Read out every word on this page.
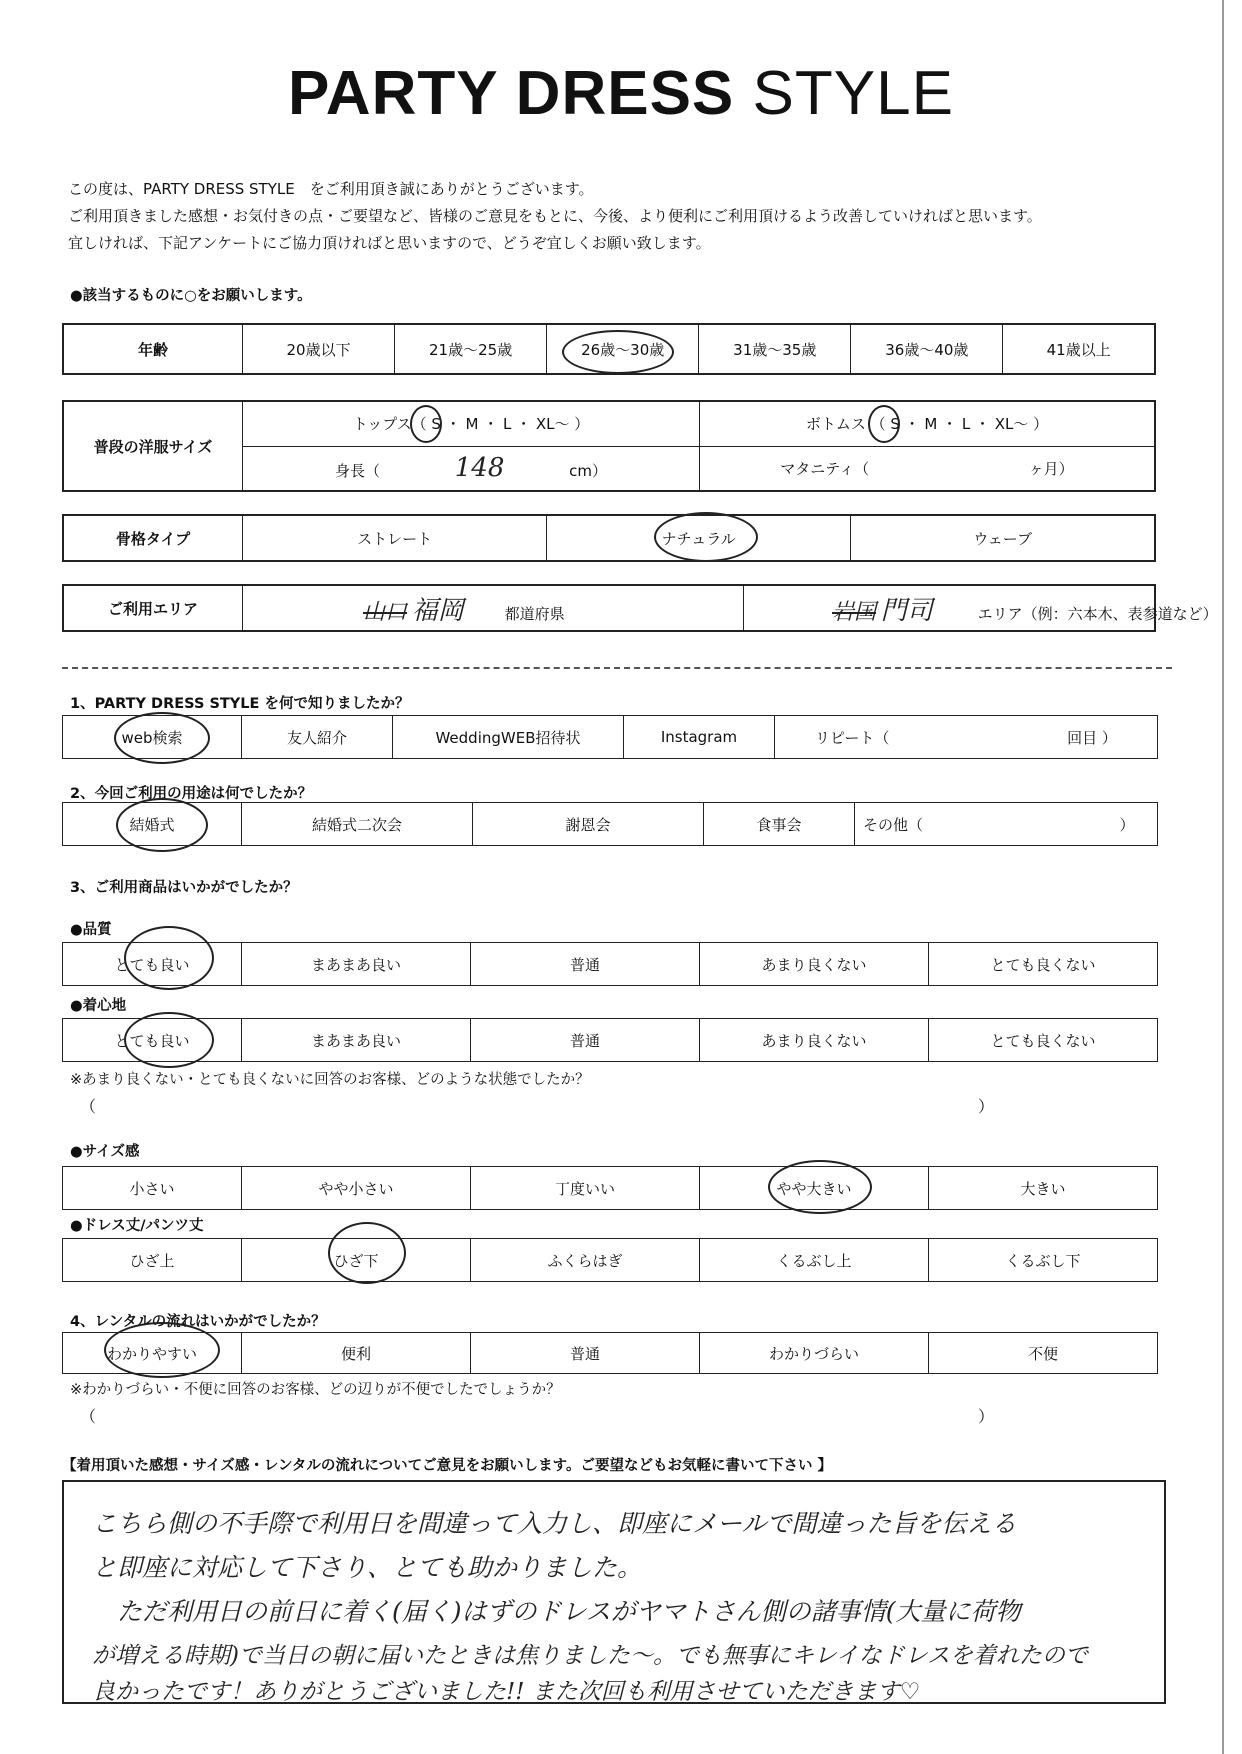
PARTY DRESS STYLE
この度は、PARTY DRESS STYLE　をご利用頂き誠にありがとうございます。
ご利用頂きました感想・お気付きの点・ご要望など、皆様のご意見をもとに、今後、より便利にご利用頂けるよう改善していければと思います。
宜しければ、下記アンケートにご協力頂ければと思いますので、どうぞ宜しくお願い致します。
●該当するものに○をお願いします。
年齢	20歳以下	21歳～25歳	26歳～30歳	31歳～35歳	36歳～40歳	41歳以上
普段の洋服サイズ	トップス（ S ・ M ・ L ・ XL～ ）	ボトムス （ S ・ M ・ L ・ XL～ ）
	身長（ 148 cm）	マタニティ（ ヶ月）
骨格タイプ	ストレート	ナチュラル	ウェーブ
ご利用エリア	山口 福岡	都道府県	岩国 門司	エリア（例：六本木、表参道など）
1、PARTY DRESS STYLE を何で知りましたか？
web検索	友人紹介	WeddingWEB招待状	Instagram	リピート（	回目 ）
2、今回ご利用の用途は何でしたか？
結婚式	結婚式二次会	謝恩会	食事会	その他（	）
3、ご利用商品はいかがでしたか？
●品質
とても良い	まあまあ良い	普通	あまり良くない	とても良くない
●着心地
とても良い	まあまあ良い	普通	あまり良くない	とても良くない
※あまり良くない・とても良くないに回答のお客様、どのような状態でしたか？
（	）
●サイズ感
小さい	やや小さい	丁度いい	やや大きい	大きい
●ドレス丈/パンツ丈
ひざ上	ひざ下	ふくらはぎ	くるぶし上	くるぶし下
4、レンタルの流れはいかがでしたか？
わかりやすい	便利	普通	わかりづらい	不便
※わかりづらい・不便に回答のお客様、どの辺りが不便でしたでしょうか？
（	）
【着用頂いた感想・サイズ感・レンタルの流れについてご意見をお願いします。ご要望などもお気軽に書いて下さい 】
こちら側の不手際で利用日を間違って入力し、即座にメールで間違った旨を伝える
と即座に対応して下さり、とても助かりました。
　ただ利用日の前日に着く(届く)はずのドレスがヤマトさん側の諸事情(大量に荷物
が増える時期)で当日の朝に届いたときは焦りました〜。でも無事にキレイなドレスを着れたので
良かったです！ありがとうございました!! また次回も利用させていただきます♡
